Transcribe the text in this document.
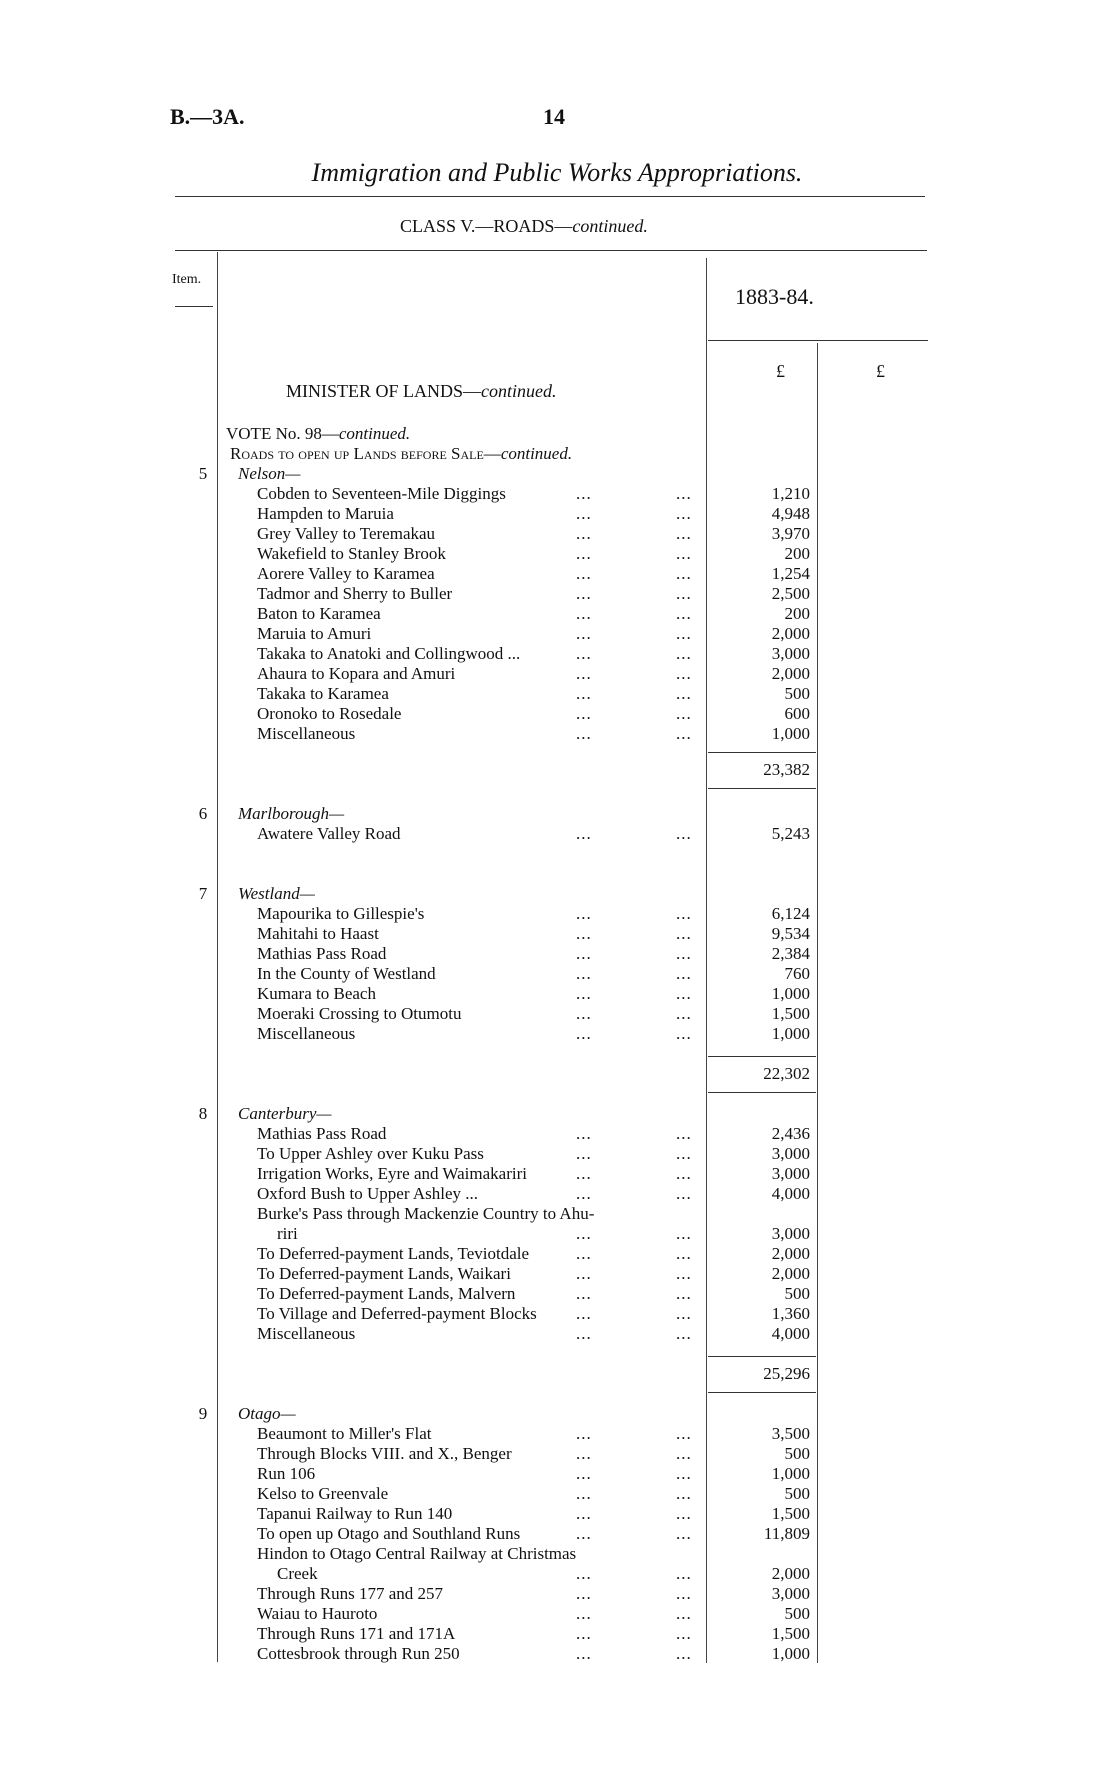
B.—3A.	14
Immigration and Public Works Appropriations.
CLASS V.—ROADS—continued.
Item.
1883-84.
£	£
MINISTER OF LANDS—continued.
VOTE No. 98—continued.
Roads to open up Lands before Sale—continued.
5	Nelson—
Cobden to Seventeen-Mile Diggings	...	...	1,210
Hampden to Maruia	...	...	4,948
Grey Valley to Teremakau	...	...	3,970
Wakefield to Stanley Brook	...	...	200
Aorere Valley to Karamea	...	...	1,254
Tadmor and Sherry to Buller	...	...	2,500
Baton to Karamea	...	...	200
Maruia to Amuri	...	...	2,000
Takaka to Anatoki and Collingwood ...	...	...	3,000
Ahaura to Kopara and Amuri	...	...	2,000
Takaka to Karamea	...	...	500
Oronoko to Rosedale	...	...	600
Miscellaneous	...	...	1,000
23,382
6	Marlborough—
Awatere Valley Road	...	...	5,243
7	Westland—
Mapourika to Gillespie's	...	...	6,124
Mahitahi to Haast	...	...	9,534
Mathias Pass Road	...	...	2,384
In the County of Westland	...	...	760
Kumara to Beach	...	...	1,000
Moeraki Crossing to Otumotu	...	...	1,500
Miscellaneous	...	...	1,000
22,302
8	Canterbury—
Mathias Pass Road	...	...	2,436
To Upper Ashley over Kuku Pass	...	...	3,000
Irrigation Works, Eyre and Waimakariri	...	...	3,000
Oxford Bush to Upper Ashley ...	...	...	4,000
Burke's Pass through Mackenzie Country to Ahu-
riri	...	...	3,000
To Deferred-payment Lands, Teviotdale	...	...	2,000
To Deferred-payment Lands, Waikari	...	...	2,000
To Deferred-payment Lands, Malvern	...	...	500
To Village and Deferred-payment Blocks ...	...	1,360
Miscellaneous	...	...	4,000
25,296
9	Otago—
Beaumont to Miller's Flat	...	...	3,500
Through Blocks VIII. and X., Benger	...	...	500
Run 106	...	...	1,000
Kelso to Greenvale	...	...	500
Tapanui Railway to Run 140	...	...	1,500
To open up Otago and Southland Runs	...	...	11,809
Hindon to Otago Central Railway at Christmas
Creek	...	...	2,000
Through Runs 177 and 257	...	...	3,000
Waiau to Hauroto	...	...	500
Through Runs 171 and 171A	...	...	1,500
Cottesbrook through Run 250	...	...	1,000
